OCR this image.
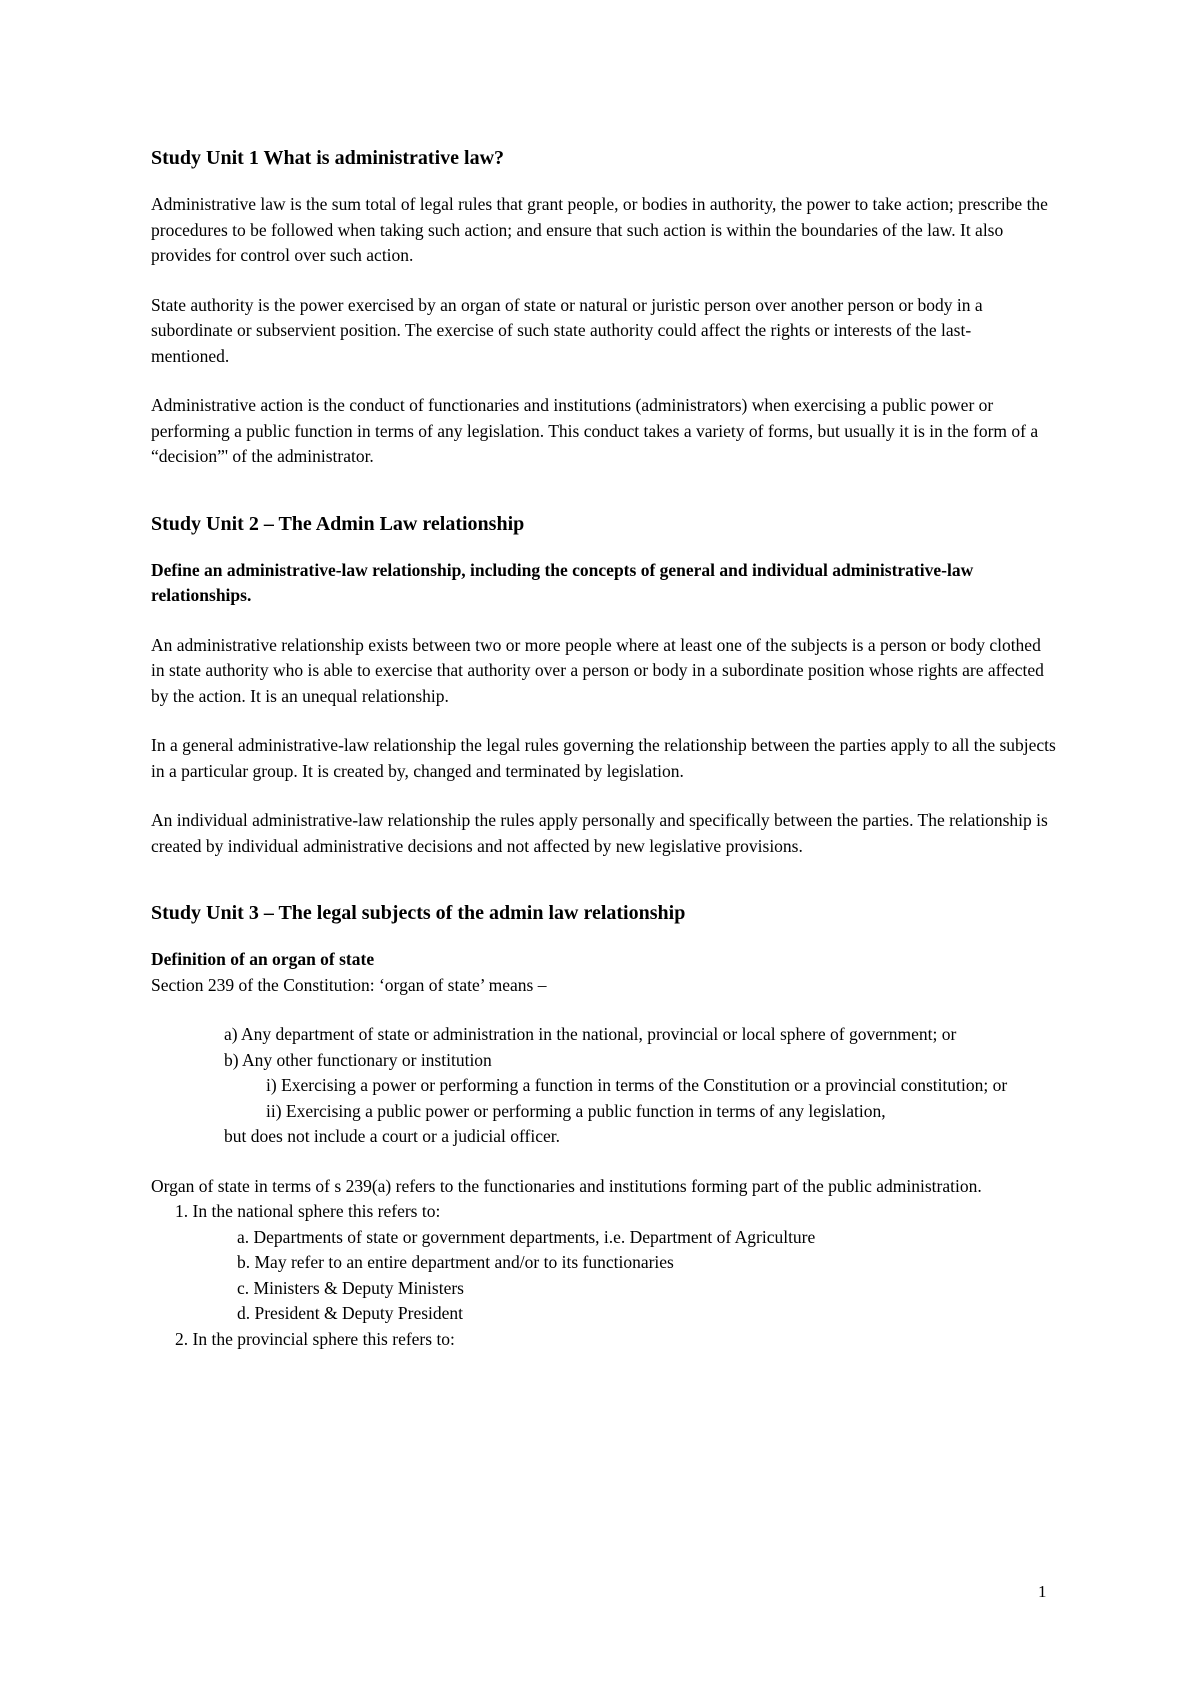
Study Unit 1 What is administrative law?

Administrative law is the sum total of legal rules that grant people, or bodies in authority, the power to take action; prescribe the procedures to be followed when taking such action; and ensure that such action is within the boundaries of the law. It also provides for control over such action.

State authority is the power exercised by an organ of state or natural or juristic person over another person or body in a subordinate or subservient position. The exercise of such state authority could affect the rights or interests of the last-mentioned.

Administrative action is the conduct of functionaries and institutions (administrators) when exercising a public power or performing a public function in terms of any legislation. This conduct takes a variety of forms, but usually it is in the form of a “decision”' of the administrator.

Study Unit 2 – The Admin Law relationship
Define an administrative-law relationship, including the concepts of general and individual administrative-law relationships.

An administrative relationship exists between two or more people where at least one of the subjects is a person or body clothed in state authority who is able to exercise that authority over a person or body in a subordinate position whose rights are affected by the action. It is an unequal relationship.

In a general administrative-law relationship the legal rules governing the relationship between the parties apply to all the subjects in a particular group. It is created by, changed and terminated by legislation.

An individual administrative-law relationship the rules apply personally and specifically between the parties. The relationship is created by individual administrative decisions and not affected by new legislative provisions.

Study Unit 3 – The legal subjects of the admin law relationship
Definition of an organ of state

Section 239 of the Constitution: ‘organ of state’ means –

a) Any department of state or administration in the national, provincial or local sphere of government; or

b) Any other functionary or institution

i) Exercising a power or performing a function in terms of the Constitution or a provincial constitution; or

ii) Exercising a public power or performing a public function in terms of any legislation,

but does not include a court or a judicial officer.

Organ of state in terms of s 239(a) refers to the functionaries and institutions forming part of the public administration.

1. In the national sphere this refers to:

a. Departments of state or government departments, i.e. Department of Agriculture

b. May refer to an entire department and/or to its functionaries

c. Ministers & Deputy Ministers

d. President & Deputy President

2. In the provincial sphere this refers to:

1
